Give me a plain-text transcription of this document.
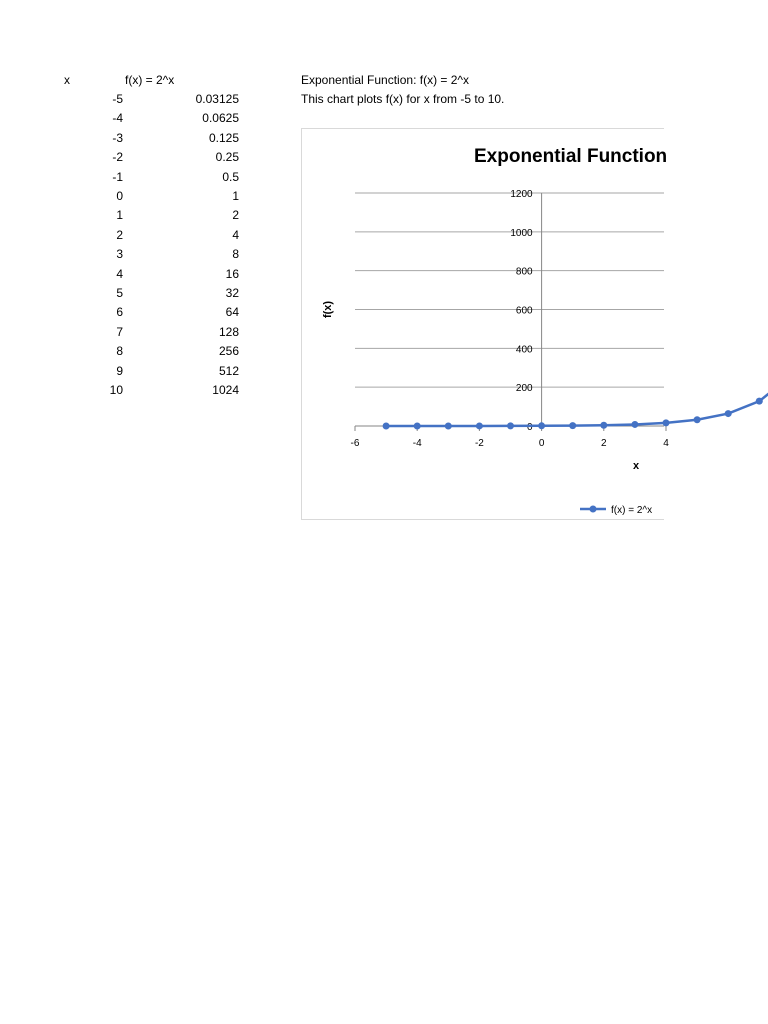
x	f(x) = 2^x
-5	0.03125
-4	0.0625
-3	0.125
-2	0.25
-1	0.5
0	1
1	2
2	4
3	8
4	16
5	32
6	64
7	128
8	256
9	512
10	1024
Exponential Function: f(x) = 2^x
This chart plots f(x) for x from -5 to 10.
0
200
400
600
800
1000
1200
-6	-4	-2	0	2	4
x
f(x)
f(x) = 2^x
Exponential Function
